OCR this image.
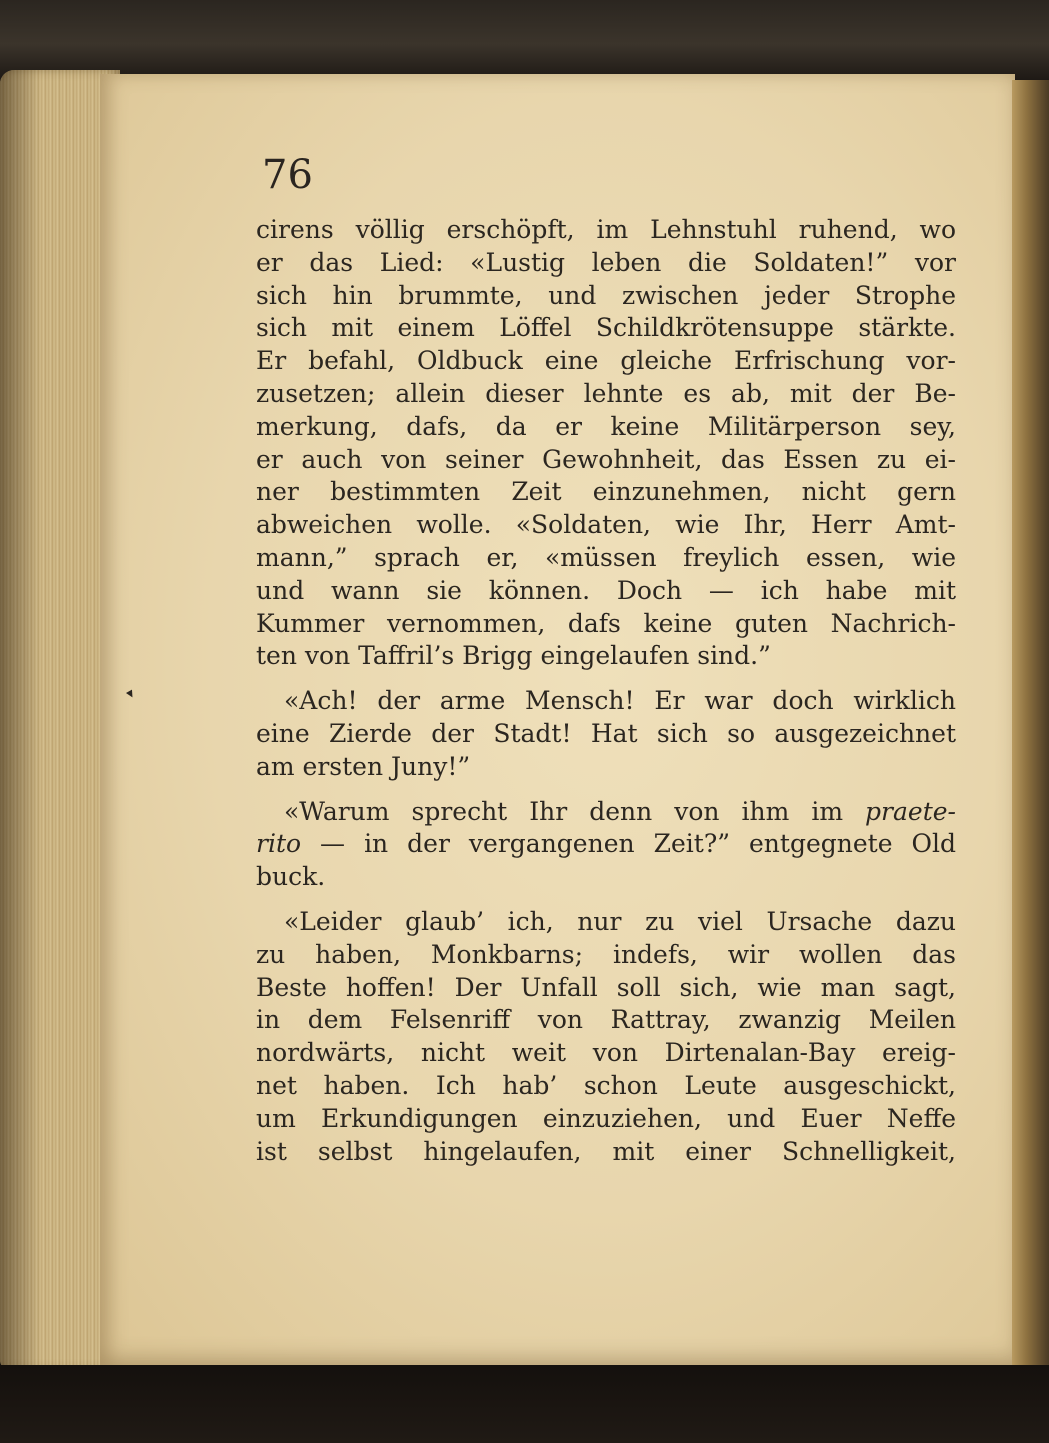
76
▾
cirens völlig erschöpft, im Lehnstuhl ruhend, wo
er das Lied: «Lustig leben die Soldaten!” vor
sich hin brummte, und zwischen jeder Strophe
sich mit einem Löffel Schildkrötensuppe stärkte.
Er befahl, Oldbuck eine gleiche Erfrischung vor-
zusetzen; allein dieser lehnte es ab, mit der Be-
merkung, dafs, da er keine Militärperson sey,
er auch von seiner Gewohnheit, das Essen zu ei-
ner bestimmten Zeit einzunehmen, nicht gern
abweichen wolle. «Soldaten, wie Ihr, Herr Amt-
mann,” sprach er, «müssen freylich essen, wie
und wann sie können. Doch — ich habe mit
Kummer vernommen, dafs keine guten Nachrich-
ten von Taffril’s Brigg eingelaufen sind.”
«Ach! der arme Mensch! Er war doch wirklich
eine Zierde der Stadt! Hat sich so ausgezeichnet
am ersten Juny!”
«Warum sprecht Ihr denn von ihm im praete-
rito — in der vergangenen Zeit?” entgegnete Old
buck.
«Leider glaub’ ich, nur zu viel Ursache dazu
zu haben, Monkbarns; indefs, wir wollen das
Beste hoffen! Der Unfall soll sich, wie man sagt,
in dem Felsenriff von Rattray, zwanzig Meilen
nordwärts, nicht weit von Dirtenalan-Bay ereig-
net haben. Ich hab’ schon Leute ausgeschickt,
um Erkundigungen einzuziehen, und Euer Neffe
ist selbst hingelaufen, mit einer Schnelligkeit,
